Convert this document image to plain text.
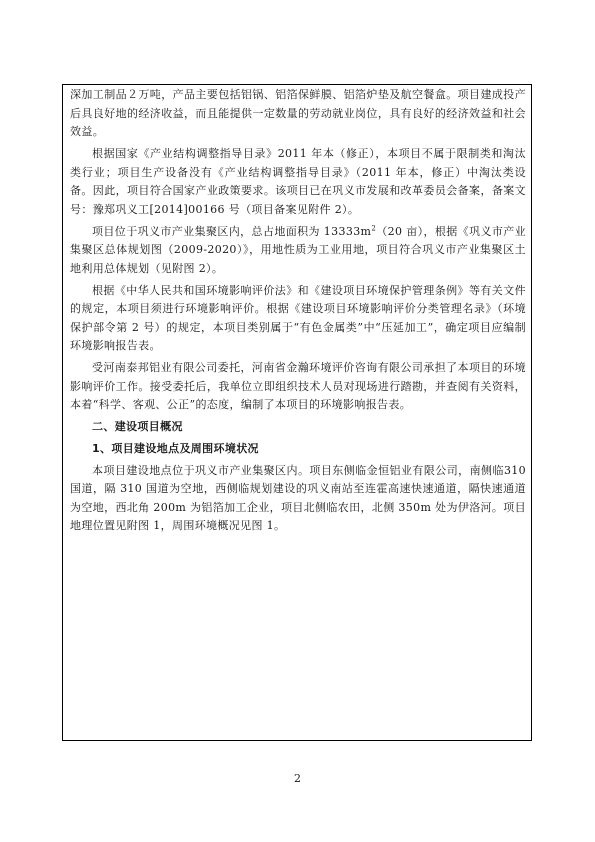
深加工制品２万吨，产品主要包括铝锅、铝箔保鲜膜、铝箔炉垫及航空餐盒。项目建成投产后具良好地的经济收益，而且能提供一定数量的劳动就业岗位，具有良好的经济效益和社会效益。

根据国家《产业结构调整指导目录》2011 年本（修正），本项目不属于限制类和淘汰类行业；项目生产设备没有《产业结构调整指导目录》（2011 年本，修正）中淘汰类设备。因此，项目符合国家产业政策要求。该项目已在巩义市发展和改革委员会备案，备案文号：豫郑巩义工[2014]00166 号（项目备案见附件 2）。

项目位于巩义市产业集聚区内，总占地面积为 $13333m^2(20$ 亩），根据《巩义市产业集聚区总体规划图（2009-2020）》，用地性质为工业用地，项目符合巩义市产业集聚区土地利用总体规划（见附图 2）。

根据《中华人民共和国环境影响评价法》和《建设项目环境保护管理条例》等有关文件的规定，本项目须进行环境影响评价。根据《建设项目环境影响评价分类管理名录》（环境保护部令第 2 号）的规定，本项目类别属于“有色金属类”中“压延加工”，确定项目应编制环境影响报告表。

受河南泰邦铝业有限公司委托，河南省金瀚环境评价咨询有限公司承担了本项目的环境影响评价工作。接受委托后，我单位立即组织技术人员对现场进行踏勘，并查阅有关资料，本着“科学、客观、公正”的态度，编制了本项目的环境影响报告表。

二、建设项目概况

1、项目建设地点及周围环境状况

本项目建设地点位于巩义市产业集聚区内。项目东侧临金恒铝业有限公司，南侧临310 国道，隔 310 国道为空地，西侧临规划建设的巩义南站至连霍高速快速通道，隔快速通道为空地，西北角 200m 为铝箔加工企业，项目北侧临农田，北侧 350m 处为伊洛河。项目地理位置见附图 1，周围环境概况见图 1。

2
